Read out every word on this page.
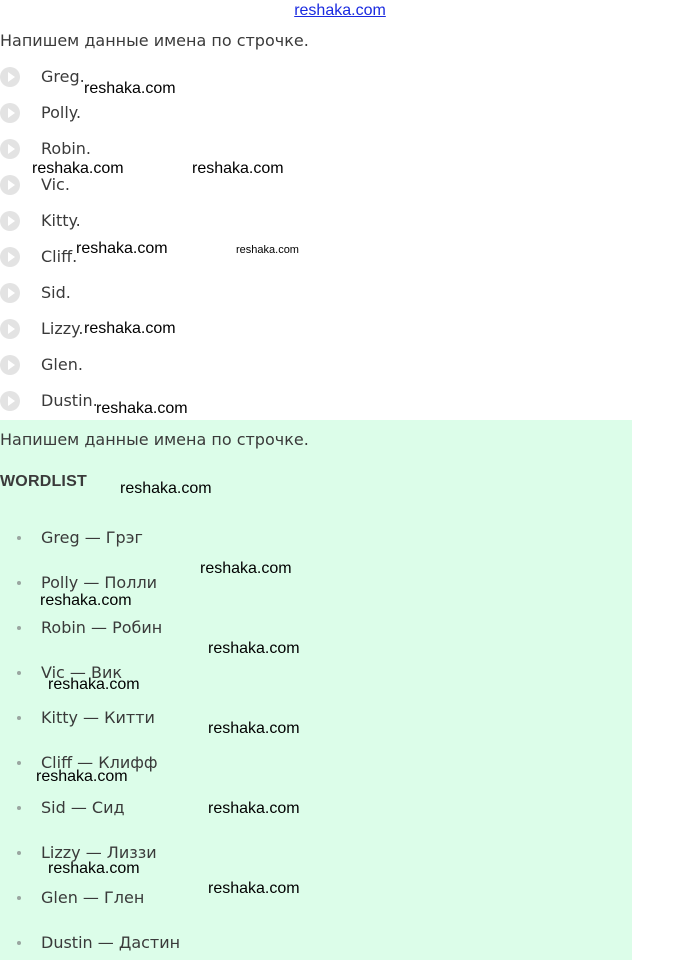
reshaka.com
Напишем данные имена по строчке.
Greg.
Polly.
Robin.
Vic.
Kitty.
Cliff.
Sid.
Lizzy.
Glen.
Dustin.
Напишем данные имена по строчке.
WORDLIST
Greg — Грэг
Polly — Полли
Robin — Робин
Vic — Вик
Kitty — Китти
Cliff — Клифф
Sid — Сид
Lizzy — Лиззи
Glen — Глен
Dustin — Дастин
reshaka.com
reshaka.com	reshaka.com
reshaka.com	reshaka.com
reshaka.com
reshaka.com
reshaka.com
reshaka.com
reshaka.com
reshaka.com
reshaka.com
reshaka.com
reshaka.com
reshaka.com
reshaka.com
reshaka.com
